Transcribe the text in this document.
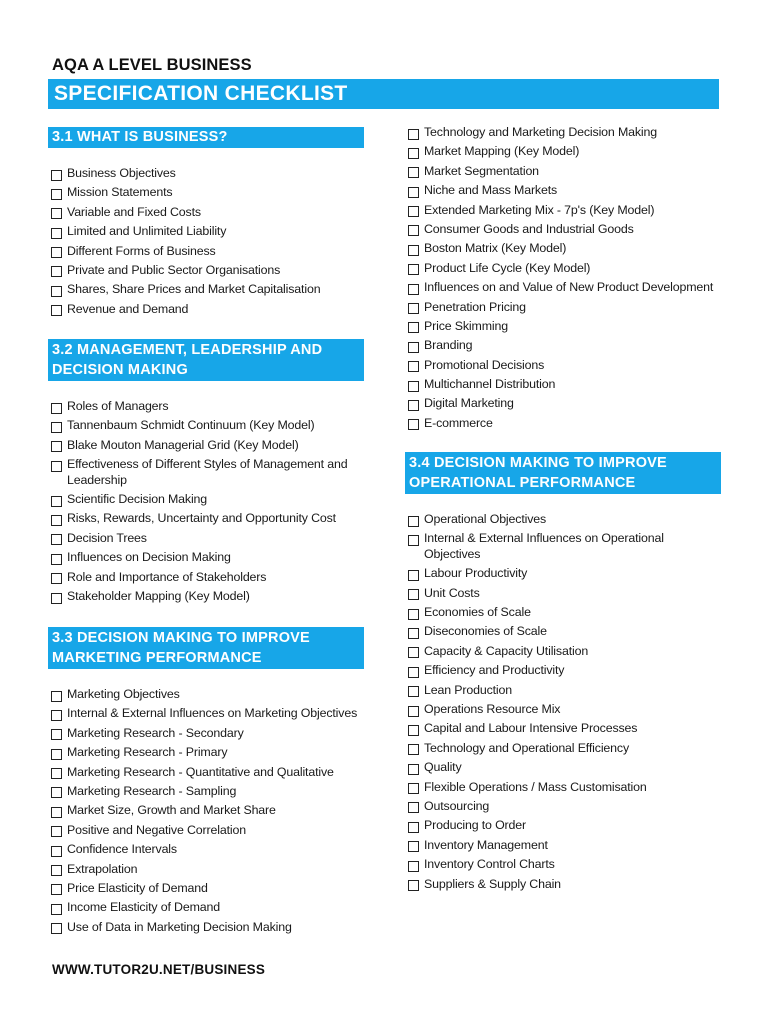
AQA A LEVEL BUSINESS
SPECIFICATION CHECKLIST
3.1 WHAT IS BUSINESS?
Business Objectives
Mission Statements
Variable and Fixed Costs
Limited and Unlimited Liability
Different Forms of Business
Private and Public Sector Organisations
Shares, Share Prices and Market Capitalisation
Revenue and Demand
3.2 MANAGEMENT, LEADERSHIP AND DECISION MAKING
Roles of Managers
Tannenbaum Schmidt Continuum (Key Model)
Blake Mouton Managerial Grid (Key Model)
Effectiveness of Different Styles of Management and Leadership
Scientific Decision Making
Risks, Rewards, Uncertainty and Opportunity Cost
Decision Trees
Influences on Decision Making
Role and Importance of Stakeholders
Stakeholder Mapping (Key Model)
3.3 DECISION MAKING TO IMPROVE MARKETING PERFORMANCE
Marketing Objectives
Internal & External Influences on Marketing Objectives
Marketing Research - Secondary
Marketing Research - Primary
Marketing Research - Quantitative and Qualitative
Marketing Research - Sampling
Market Size, Growth and Market Share
Positive and Negative Correlation
Confidence Intervals
Extrapolation
Price Elasticity of Demand
Income Elasticity of Demand
Use of Data in Marketing Decision Making
Technology and Marketing Decision Making
Market Mapping (Key Model)
Market Segmentation
Niche and Mass Markets
Extended Marketing Mix - 7p's (Key Model)
Consumer Goods and Industrial Goods
Boston Matrix (Key Model)
Product Life Cycle (Key Model)
Influences on and Value of New Product Development
Penetration Pricing
Price Skimming
Branding
Promotional Decisions
Multichannel Distribution
Digital Marketing
E-commerce
3.4 DECISION MAKING TO IMPROVE OPERATIONAL PERFORMANCE
Operational Objectives
Internal & External Influences on Operational Objectives
Labour Productivity
Unit Costs
Economies of Scale
Diseconomies of Scale
Capacity & Capacity Utilisation
Efficiency and Productivity
Lean Production
Operations Resource Mix
Capital and Labour Intensive Processes
Technology and Operational Efficiency
Quality
Flexible Operations / Mass Customisation
Outsourcing
Producing to Order
Inventory Management
Inventory Control Charts
Suppliers & Supply Chain
WWW.TUTOR2U.NET/BUSINESS
